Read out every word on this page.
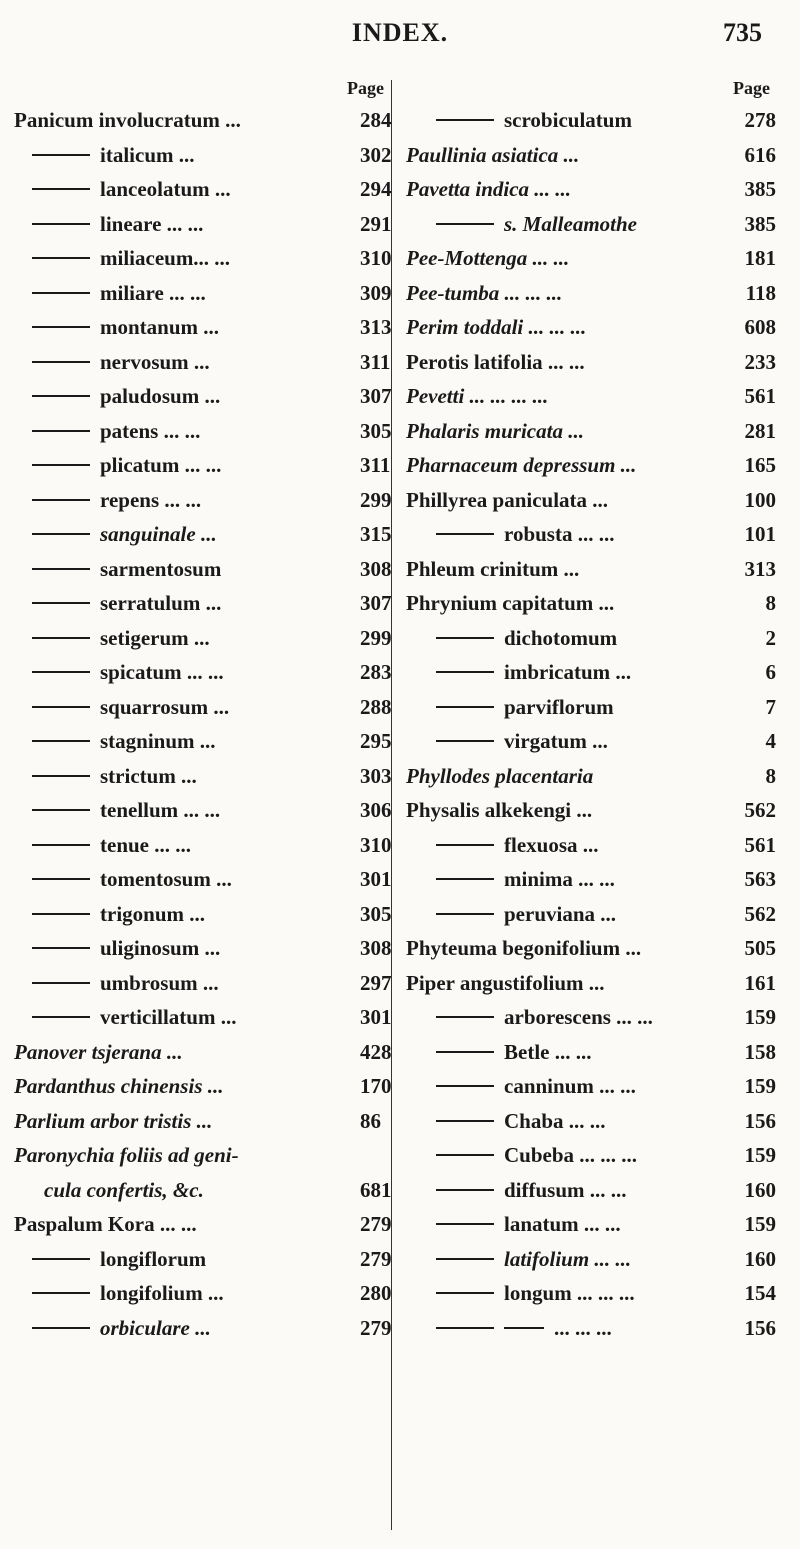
INDEX.	735
Page
Panicum involucratum ...	284
italicum ...	302
lanceolatum ...	294
lineare ... ...	291
miliaceum... ...	310
miliare ... ...	309
montanum ...	313
nervosum ...	311
paludosum ...	307
patens ... ...	305
plicatum ... ...	311
repens ... ...	299
sanguinale ...	315
sarmentosum	308
serratulum ...	307
setigerum ...	299
spicatum ... ...	283
squarrosum ...	288
stagninum ...	295
strictum ...	303
tenellum ... ...	306
tenue ... ...	310
tomentosum ...	301
trigonum ...	305
uliginosum ...	308
umbrosum ...	297
verticillatum ...	301
Panover tsjerana ...	428
Pardanthus chinensis ...	170
Parlium arbor tristis ...	86
Paronychia foliis ad geni-
cula confertis, &c.	681
Paspalum Kora ... ...	279
longiflorum	279
longifolium ...	280
orbiculare ...	279
Page
scrobiculatum	278
Paullinia asiatica ...	616
Pavetta indica ... ...	385
s. Malleamothe	385
Pee-Mottenga ... ...	181
Pee-tumba ... ... ...	118
Perim toddali ... ... ...	608
Perotis latifolia ... ...	233
Pevetti ... ... ... ...	561
Phalaris muricata ...	281
Pharnaceum depressum ...	165
Phillyrea paniculata ...	100
robusta ... ...	101
Phleum crinitum ...	313
Phrynium capitatum ...	8
dichotomum	2
imbricatum ...	6
parviflorum	7
virgatum ...	4
Phyllodes placentaria	8
Physalis alkekengi ...	562
flexuosa ...	561
minima ... ...	563
peruviana ...	562
Phyteuma begonifolium ...	505
Piper angustifolium ...	161
arborescens ... ...	159
Betle ... ...	158
canninum ... ...	159
Chaba ... ...	156
Cubeba ... ... ...	159
diffusum ... ...	160
lanatum ... ...	159
latifolium ... ...	160
longum ... ... ...	154
... ... ...	156
